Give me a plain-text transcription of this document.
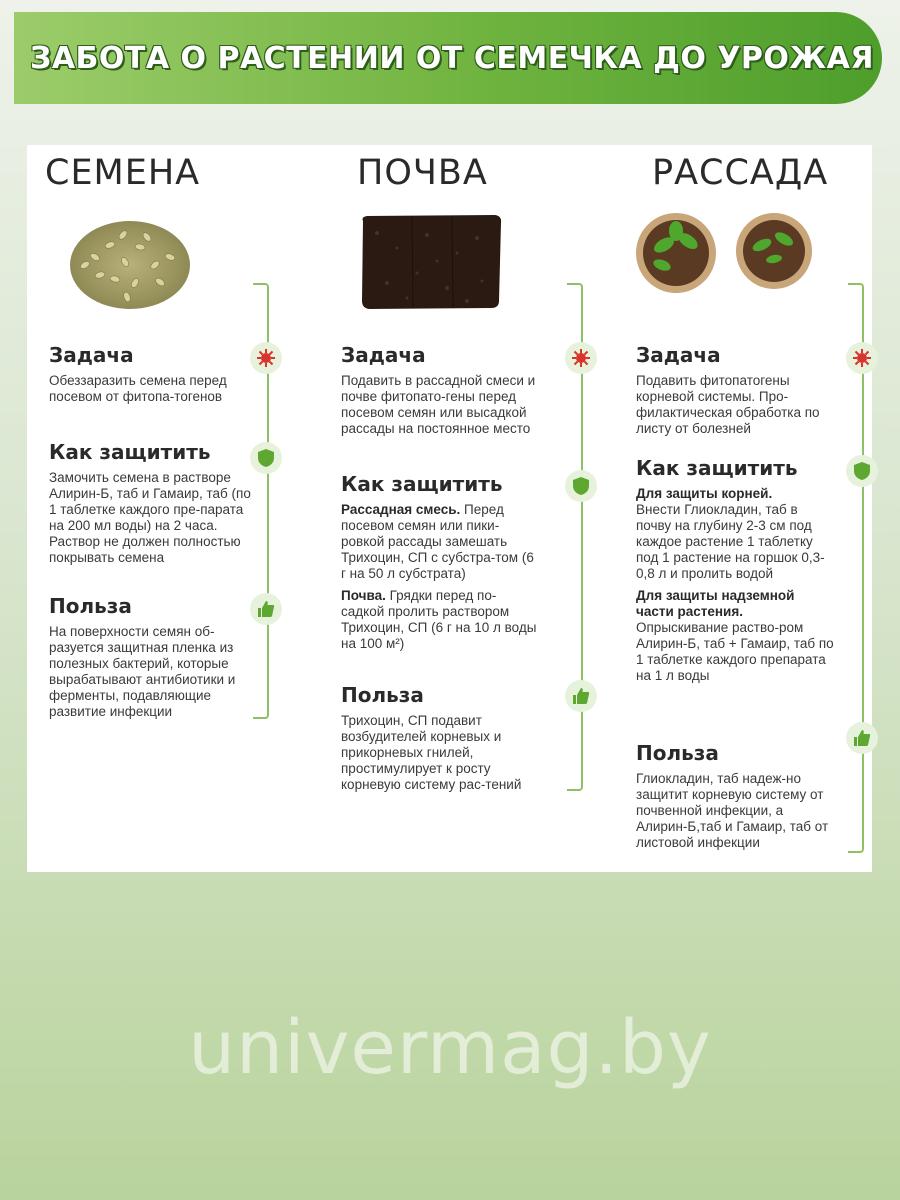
ЗАБОТА О РАСТЕНИИ ОТ СЕМЕЧКА ДО УРОЖАЯ
СЕМЕНА
Задача

Обеззаразить семена перед посевом от фитопа-тогенов

Как защитить

Замочить семена в растворе Алирин-Б, таб и Гамаир, таб (по 1 таблетке каждого пре-парата на 200 мл воды) на 2 часа. Раствор не должен полностью покрывать семена

Польза

На поверхности семян об-разуется защитная пленка из полезных бактерий, которые вырабатывают антибиотики и ферменты, подавляющие развитие инфекции

ПОЧВА
Задача

Подавить в рассадной смеси и почве фитопато-гены перед посевом семян или высадкой рассады на постоянное место

Как защитить

Рассадная смесь. Перед посевом семян или пики-ровкой рассады замешать Трихоцин, СП с субстра-том (6 г на 50 л субстрата)

Почва. Грядки перед по-садкой пролить раствором Трихоцин, СП (6 г на 10 л воды на 100 м²)

Польза

Трихоцин, СП подавит возбудителей корневых и прикорневых гнилей, простимулирует к росту корневую систему рас-тений

РАССАДА
Задача

Подавить фитопатогены корневой системы. Про-филактическая обработка по листу от болезней

Как защитить

Для защиты корней.

Внести Глиокладин, таб в почву на глубину 2-3 см под каждое растение 1 таблетку под 1 растение на горшок 0,3-0,8 л и пролить водой

Для защиты надземной части растения.

Опрыскивание раство-ром Алирин-Б, таб + Гамаир, таб по 1 таблетке каждого препарата на 1 л воды

Польза

Глиокладин, таб надеж-но защитит корневую систему от почвенной инфекции, а Алирин-Б,таб и Гамаир, таб от листовой инфекции

univermag.by
